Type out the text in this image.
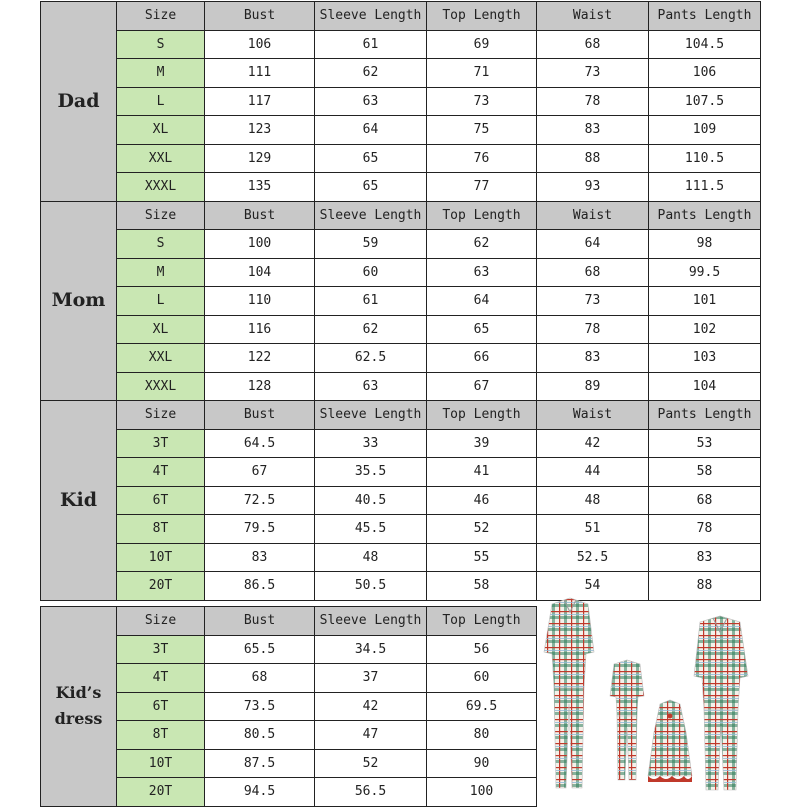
Dad	Size	Bust	Sleeve Length	Top Length	Waist	Pants Length
	S	106	61	69	68	104.5
	M	111	62	71	73	106
	L	117	63	73	78	107.5
	XL	123	64	75	83	109
	XXL	129	65	76	88	110.5
	XXXL	135	65	77	93	111.5
Mom	Size	Bust	Sleeve Length	Top Length	Waist	Pants Length
	S	100	59	62	64	98
	M	104	60	63	68	99.5
	L	110	61	64	73	101
	XL	116	62	65	78	102
	XXL	122	62.5	66	83	103
	XXXL	128	63	67	89	104
Kid	Size	Bust	Sleeve Length	Top Length	Waist	Pants Length
	3T	64.5	33	39	42	53
	4T	67	35.5	41	44	58
	6T	72.5	40.5	46	48	68
	8T	79.5	45.5	52	51	78
	10T	83	48	55	52.5	83
	20T	86.5	50.5	58	54	88
Kid’s
dress	Size	Bust	Sleeve Length	Top Length
	3T	65.5	34.5	56
	4T	68	37	60
	6T	73.5	42	69.5
	8T	80.5	47	80
	10T	87.5	52	90
	20T	94.5	56.5	100
